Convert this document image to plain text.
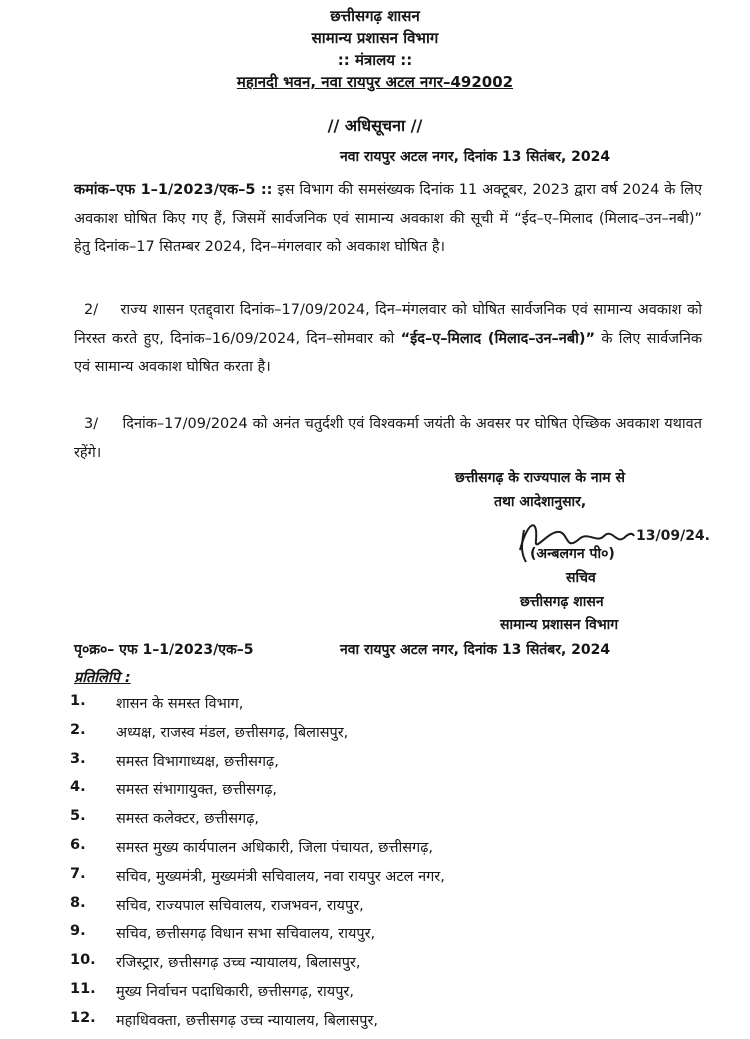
छत्तीसगढ़ शासन
सामान्य प्रशासन विभाग
:: मंत्रालय ::
महानदी भवन, नवा रायपुर अटल नगर–492002
// अधिसूचना //
नवा रायपुर अटल नगर, दिनांक 13 सितंबर, 2024
कमांक–एफ 1–1/2023/एक–5 :: इस विभाग की समसंख्यक दिनांक 11 अक्टूबर, 2023 द्वारा वर्ष 2024 के लिए अवकाश घोषित किए गए हैं, जिसमें सार्वजनिक एवं सामान्य अवकाश की सूची में “ईद–ए–मिलाद (मिलाद–उन–नबी)” हेतु दिनांक–17 सितम्बर 2024, दिन–मंगलवार को अवकाश घोषित है।
2/ राज्य शासन एतद्द्वारा दिनांक–17/09/2024, दिन–मंगलवार को घोषित सार्वजनिक एवं सामान्य अवकाश को निरस्त करते हुए, दिनांक–16/09/2024, दिन–सोमवार को “ईद–ए–मिलाद (मिलाद–उन–नबी)” के लिए सार्वजनिक एवं सामान्य अवकाश घोषित करता है।
3/ दिनांक–17/09/2024 को अनंत चतुर्दशी एवं विश्वकर्मा जयंती के अवसर पर घोषित ऐच्छिक अवकाश यथावत रहेंगे।
छत्तीसगढ़ के राज्यपाल के नाम से
तथा आदेशानुसार,
13/09/24.
(अन्बलगन पी०)
सचिव
छत्तीसगढ़ शासन
सामान्य प्रशासन विभाग
पृ०क्र०– एफ 1–1/2023/एक–5	नवा रायपुर अटल नगर, दिनांक 13 सितंबर, 2024
प्रतिलिपि :
1.	शासन के समस्त विभाग,
2.	अध्यक्ष, राजस्व मंडल, छत्तीसगढ़, बिलासपुर,
3.	समस्त विभागाध्यक्ष, छत्तीसगढ़,
4.	समस्त संभागायुक्त, छत्तीसगढ़,
5.	समस्त कलेक्टर, छत्तीसगढ़,
6.	समस्त मुख्य कार्यपालन अधिकारी, जिला पंचायत, छत्तीसगढ़,
7.	सचिव, मुख्यमंत्री, मुख्यमंत्री सचिवालय, नवा रायपुर अटल नगर,
8.	सचिव, राज्यपाल सचिवालय, राजभवन, रायपुर,
9.	सचिव, छत्तीसगढ़ विधान सभा सचिवालय, रायपुर,
10.	रजिस्ट्रार, छत्तीसगढ़ उच्च न्यायालय, बिलासपुर,
11.	मुख्य निर्वाचन पदाधिकारी, छत्तीसगढ़, रायपुर,
12.	महाधिवक्ता, छत्तीसगढ़ उच्च न्यायालय, बिलासपुर,
